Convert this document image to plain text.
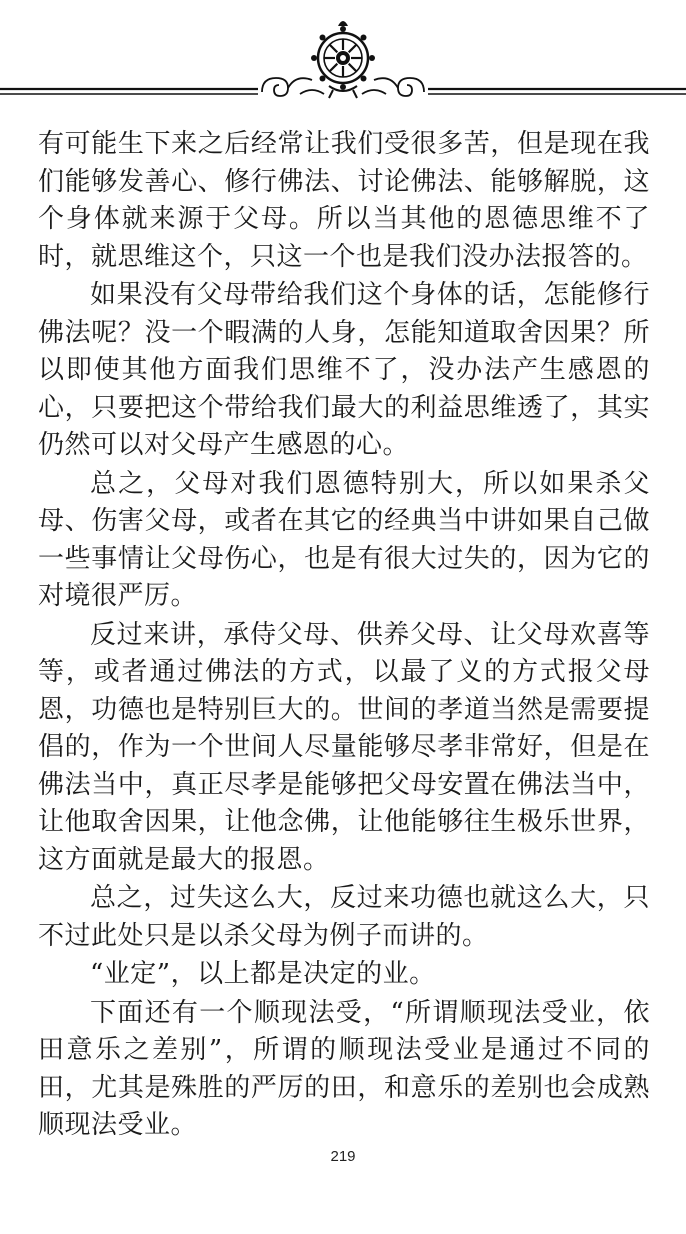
有可能生下来之后经常让我们受很多苦，但是现在我们能够发善心、修行佛法、讨论佛法、能够解脱，这个身体就来源于父母。所以当其他的恩德思维不了时，就思维这个，只这一个也是我们没办法报答的。

如果没有父母带给我们这个身体的话，怎能修行佛法呢？没一个暇满的人身，怎能知道取舍因果？所以即使其他方面我们思维不了，没办法产生感恩的心，只要把这个带给我们最大的利益思维透了，其实仍然可以对父母产生感恩的心。

总之，父母对我们恩德特别大，所以如果杀父母、伤害父母，或者在其它的经典当中讲如果自己做一些事情让父母伤心，也是有很大过失的，因为它的对境很严厉。

反过来讲，承侍父母、供养父母、让父母欢喜等等，或者通过佛法的方式，以最了义的方式报父母恩，功德也是特别巨大的。世间的孝道当然是需要提倡的，作为一个世间人尽量能够尽孝非常好，但是在佛法当中，真正尽孝是能够把父母安置在佛法当中，让他取舍因果，让他念佛，让他能够往生极乐世界，这方面就是最大的报恩。

总之，过失这么大，反过来功德也就这么大，只不过此处只是以杀父母为例子而讲的。

“业定”，以上都是决定的业。

下面还有一个顺现法受，“所谓顺现法受业，依田意乐之差别”，所谓的顺现法受业是通过不同的田，尤其是殊胜的严厉的田，和意乐的差别也会成熟顺现法受业。

219
